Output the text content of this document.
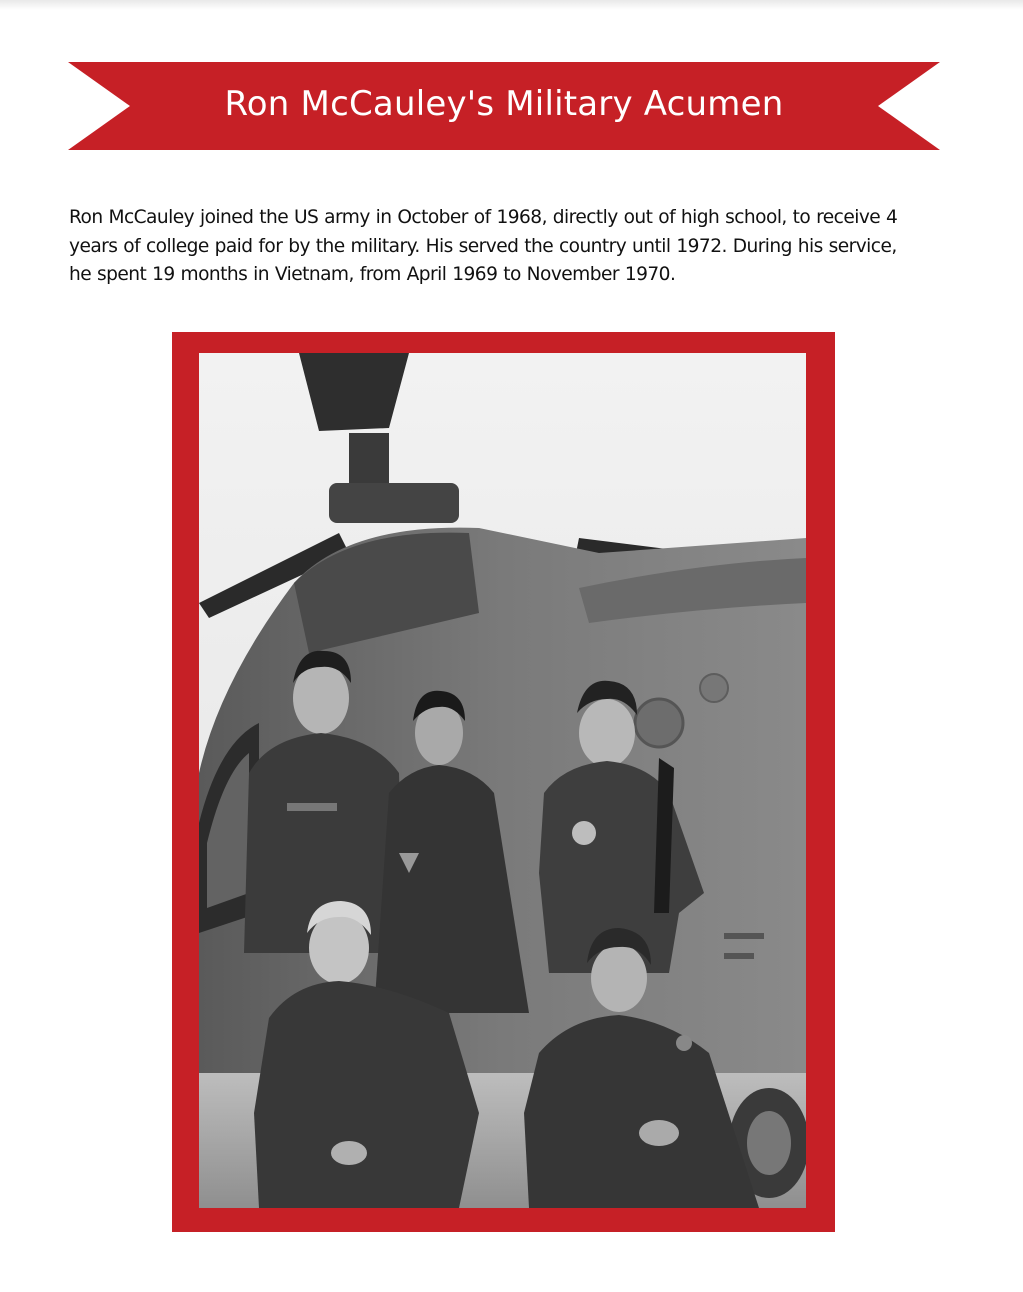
Ron McCauley's Military Acumen

Ron McCauley joined the US army in October of 1968, directly out of high school, to receive 4
years of college paid for by the military. His served the country until 1972. During his service,
he spent 19 months in Vietnam, from April 1969 to November 1970.
